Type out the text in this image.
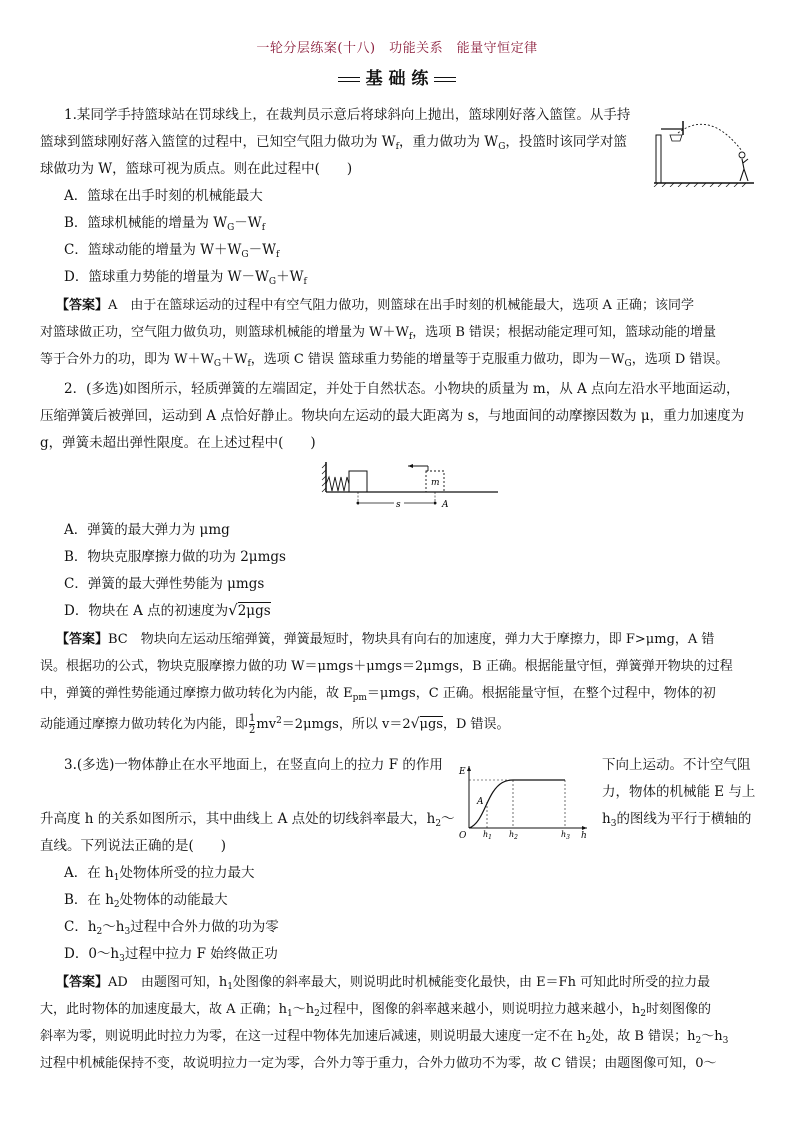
一轮分层练案(十八)　功能关系　能量守恒定律
基 础 练
1.某同学手持篮球站在罚球线上，在裁判员示意后将球斜向上抛出，篮球刚好落入篮筐。从手持
篮球到篮球刚好落入篮筐的过程中，已知空气阻力做功为 $W_f$，重力做功为 $W_G$，投篮时该同学对篮
球做功为 W，篮球可视为质点。则在此过程中(　　)
A．篮球在出手时刻的机械能最大
B．篮球机械能的增量为 $W_G-W_f$
C．篮球动能的增量为 $W+W_G-W_f$
D．篮球重力势能的增量为 $W-W_G+W_f$
【答案】A　由于在篮球运动的过程中有空气阻力做功，则篮球在出手时刻的机械能最大，选项 A 正确；该同学
对篮球做正功，空气阻力做负功，则篮球机械能的增量为 $W+W_f$，选项 B 错误；根据动能定理可知，篮球动能的增量
等于合外力的功，即为 $W+W_G+W_f$，选项 C 错误 篮球重力势能的增量等于克服重力做功，即为$-W_G$，选项 D 错误。
2．(多选)如图所示，轻质弹簧的左端固定，并处于自然状态。小物块的质量为 m，从 A 点向左沿水平地面运动，
压缩弹簧后被弹回，运动到 A 点恰好静止。物块向左运动的最大距离为 s，与地面间的动摩擦因数为 μ，重力加速度为
g，弹簧未超出弹性限度。在上述过程中(　　)
m
s	A
A．弹簧的最大弹力为 μmg
B．物块克服摩擦力做的功为 2μmgs
C．弹簧的最大弹性势能为 μmgs
D．物块在 A 点的初速度为√2μgs
【答案】BC　物块向左运动压缩弹簧，弹簧最短时，物块具有向右的加速度，弹力大于摩擦力，即 F>μmg，A 错
误。根据功的公式，物块克服摩擦力做的功 W＝μmgs＋μmgs＝2μmgs，B 正确。根据能量守恒，弹簧弹开物块的过程
中，弹簧的弹性势能通过摩擦力做功转化为内能，故 $E_{pm}=\mu mgs$，C 正确。根据能量守恒，在整个过程中，物体的初
动能通过摩擦力做功转化为内能，即 $\frac{1}{2} mv^2=2\mu mgs$，所以 v＝2√μgs，D 错误。
3.(多选)一物体静止在水平地面上，在竖直向上的拉力 F 的作用	下向上运动。不计空气阻
力，物体的机械能 E 与上
升高度 h 的关系如图所示，其中曲线上 A 点处的切线斜率最大，$h_2\sim$	$h_3$的图线为平行于横轴的
直线。下列说法正确的是(　　)
E
O	h
A
$h_1$ $h_2$	$h_3$
A．在 $h_1$处物体所受的拉力最大
B．在 $h_2$处物体的动能最大
C．$h_2\sim h_3$过程中合外力做的功为零
D．$0\sim h_3$过程中拉力 F 始终做正功
【答案】AD　由题图可知，$h_1$处图像的斜率最大，则说明此时机械能变化最快，由 E＝Fh 可知此时所受的拉力最
大，此时物体的加速度最大，故 A 正确；$h_1\sim h_2$过程中，图像的斜率越来越小，则说明拉力越来越小，$h_2$时刻图像的
斜率为零，则说明此时拉力为零，在这一过程中物体先加速后减速，则说明最大速度一定不在 $h_2$处，故 B 错误；$h_2\sim h_3$
过程中机械能保持不变，故说明拉力一定为零，合外力等于重力，合外力做功不为零，故 C 错误；由题图像可知，0～
